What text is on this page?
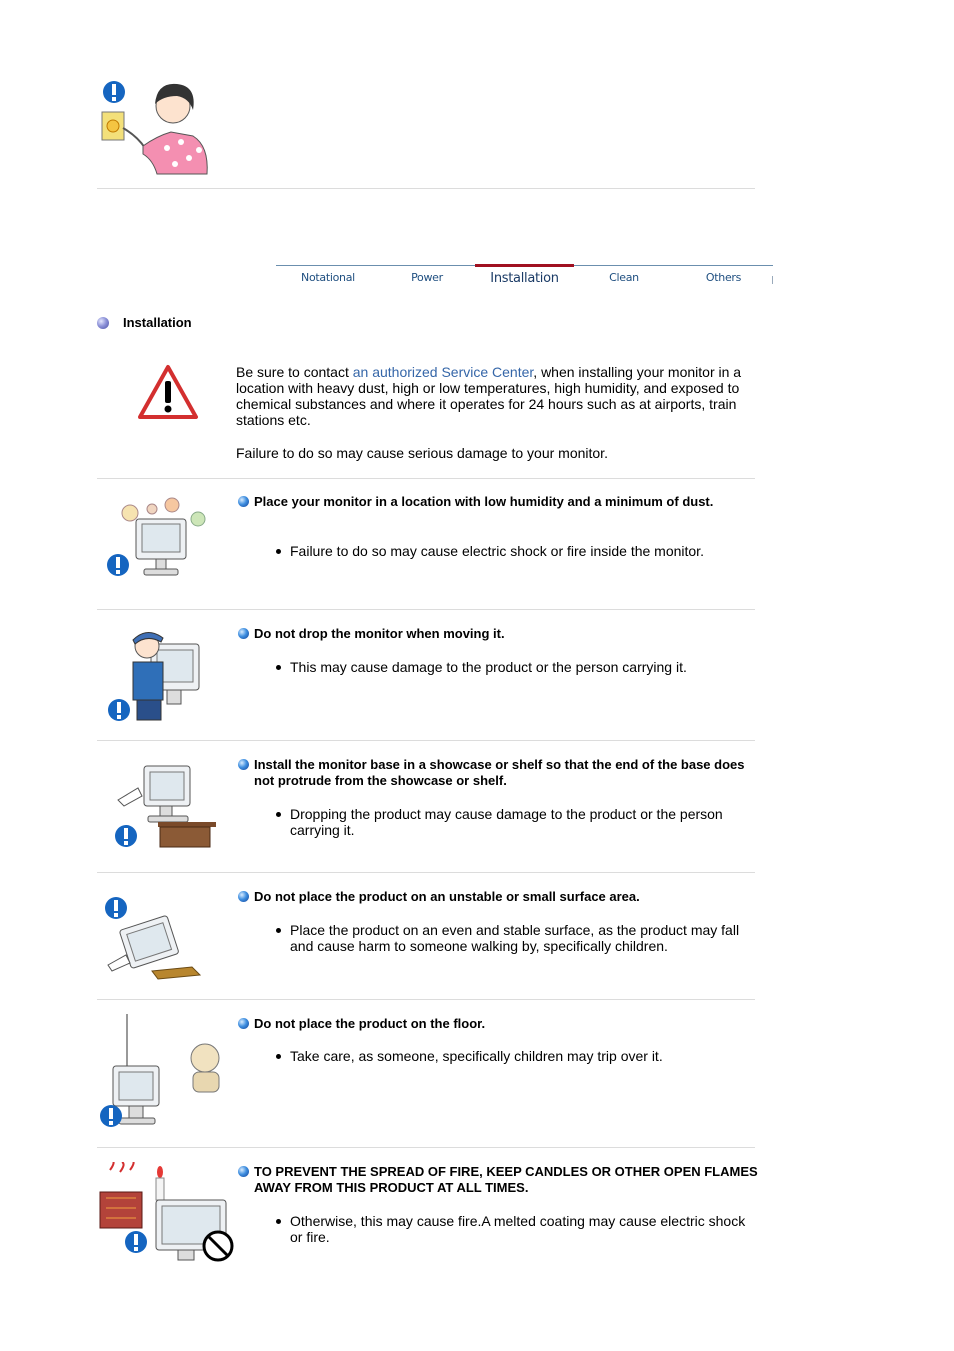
Notational	Power	Installation	Clean	Others
Installation

Be sure to contact an authorized Service Center, when installing your monitor in a location with heavy dust, high or low temperatures, high humidity, and exposed to chemical substances and where it operates for 24 hours such as at airports, train stations etc.

Failure to do so may cause serious damage to your monitor.

Place your monitor in a location with low humidity and a minimum of dust.
Failure to do so may cause electric shock or fire inside the monitor.
Do not drop the monitor when moving it.
This may cause damage to the product or the person carrying it.
Install the monitor base in a showcase or shelf so that the end of the base does not protrude from the showcase or shelf.
Dropping the product may cause damage to the product or the person carrying it.
Do not place the product on an unstable or small surface area.
Place the product on an even and stable surface, as the product may fall and cause harm to someone walking by, specifically children.
Do not place the product on the floor.
Take care, as someone, specifically children may trip over it.
TO PREVENT THE SPREAD OF FIRE, KEEP CANDLES OR OTHER OPEN FLAMES AWAY FROM THIS PRODUCT AT ALL TIMES.
Otherwise, this may cause fire.A melted coating may cause electric shock or fire.
